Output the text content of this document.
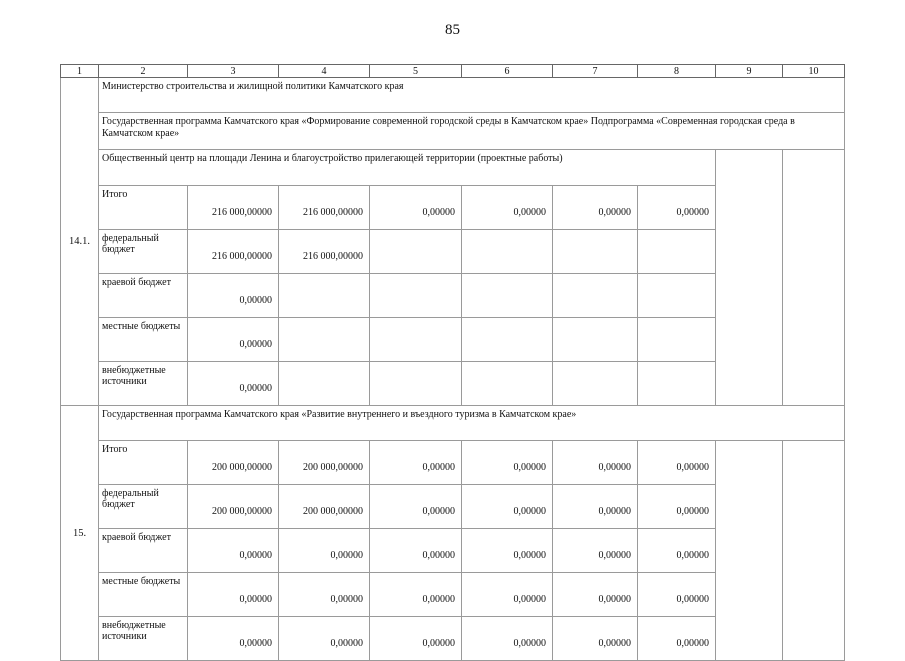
85
1	2	3	4	5	6	7	8	9	10
14.1.	Министерство строительства и жилищной политики Камчатского края								
	Государственная программа Камчатского края «Формирование современной городской среды в Камчатском крае» Подпрограмма «Современная городская среда в Камчатском крае»								
	Общественный центр на площади Ленина и благоустройство прилегающей территории (проектные работы)								
	Итого	216 000,00000	216 000,00000	0,00000	0,00000	0,00000	0,00000		
	федеральный бюджет	216 000,00000	216 000,00000						
	краевой бюджет	0,00000							
	местные бюджеты	0,00000							
	внебюджетные источники	0,00000							
15.	Государственная программа Камчатского края «Развитие внутреннего и въездного туризма в Камчатском крае»								
	Итого	200 000,00000	200 000,00000	0,00000	0,00000	0,00000	0,00000		
	федеральный бюджет	200 000,00000	200 000,00000	0,00000	0,00000	0,00000	0,00000		
	краевой бюджет	0,00000	0,00000	0,00000	0,00000	0,00000	0,00000		
	местные бюджеты	0,00000	0,00000	0,00000	0,00000	0,00000	0,00000		
	внебюджетные источники	0,00000	0,00000	0,00000	0,00000	0,00000	0,00000		
